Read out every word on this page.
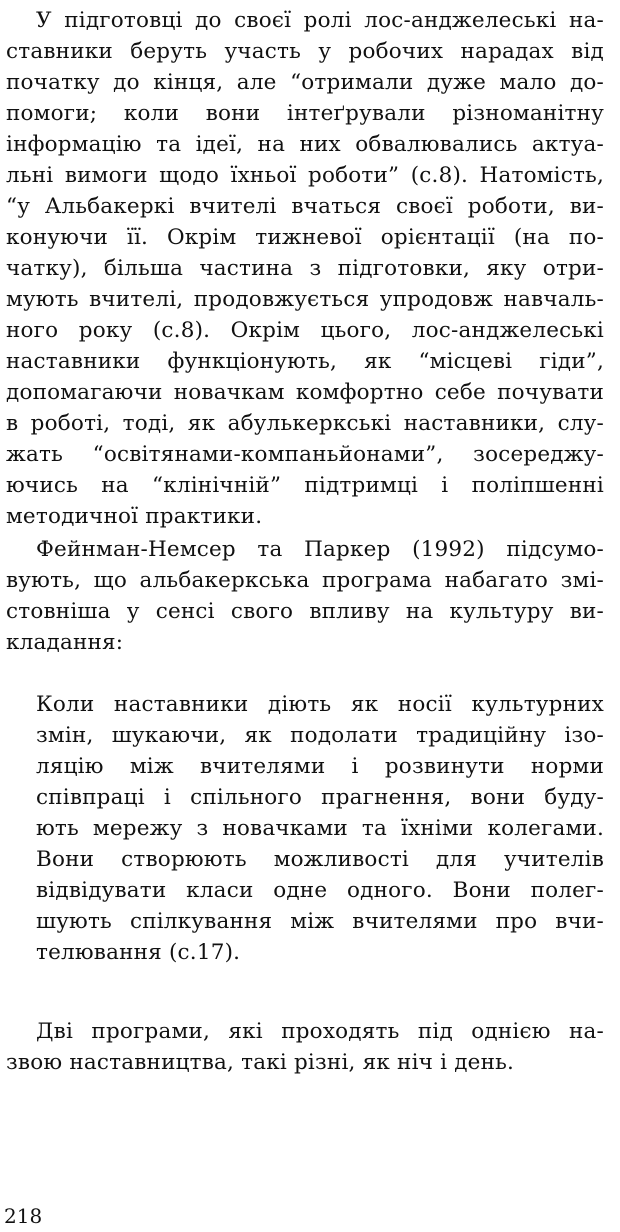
У підготовці до своєї ролі лос-анджелеські на-
ставники беруть участь у робочих нарадах від
початку до кінця, але “отримали дуже мало до-
помоги; коли вони інтеґрували різноманітну
інформацію та ідеї, на них обвалювались актуа-
льні вимоги щодо їхньої роботи” (с.8). Натомість,
“у Альбакеркі вчителі вчаться своєї роботи, ви-
конуючи її. Окрім тижневої орієнтації (на по-
чатку), більша частина з підготовки, яку отри-
мують вчителі, продовжується упродовж навчаль-
ного року (с.8). Окрім цього, лос-анджелеські
наставники функціонують, як “місцеві гіди”,
допомагаючи новачкам комфортно себе почувати
в роботі, тоді, як абулькеркські наставники, слу-
жать “освітянами-компаньйонами”, зосереджу-
ючись на “клінічній” підтримці і поліпшенні
методичної практики.
Фейнман-Немсер та Паркер (1992) підсумо-
вують, що альбакеркська програма набагато змі-
стовніша у сенсі свого впливу на культуру ви-
кладання:
Коли наставники діють як носії культурних
змін, шукаючи, як подолати традиційну ізо-
ляцію між вчителями і розвинути норми
співпраці і спільного прагнення, вони буду-
ють мережу з новачками та їхніми колегами.
Вони створюють можливості для учителів
відвідувати класи одне одного. Вони полег-
шують спілкування між вчителями про вчи-
телювання (с.17).
Дві програми, які проходять під однією на-
звою наставництва, такі різні, як ніч і день.
218
